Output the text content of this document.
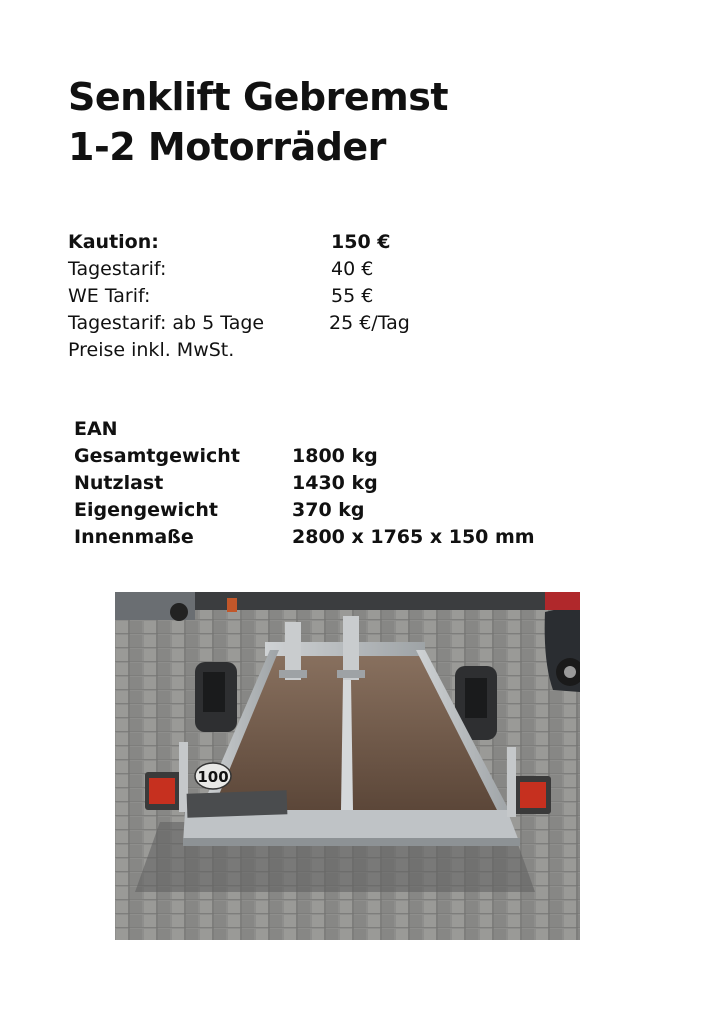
Senklift Gebremst
1-2 Motorräder
Kaution:	150 €
Tagestarif:	40 €
WE Tarif:	55 €
Tagestarif: ab 5 Tage	25 €/Tag
Preise inkl. MwSt.
EAN
Gesamtgewicht	1800 kg
Nutzlast	1430 kg
Eigengewicht	370 kg
Innenmaße	2800 x 1765 x 150 mm
100
